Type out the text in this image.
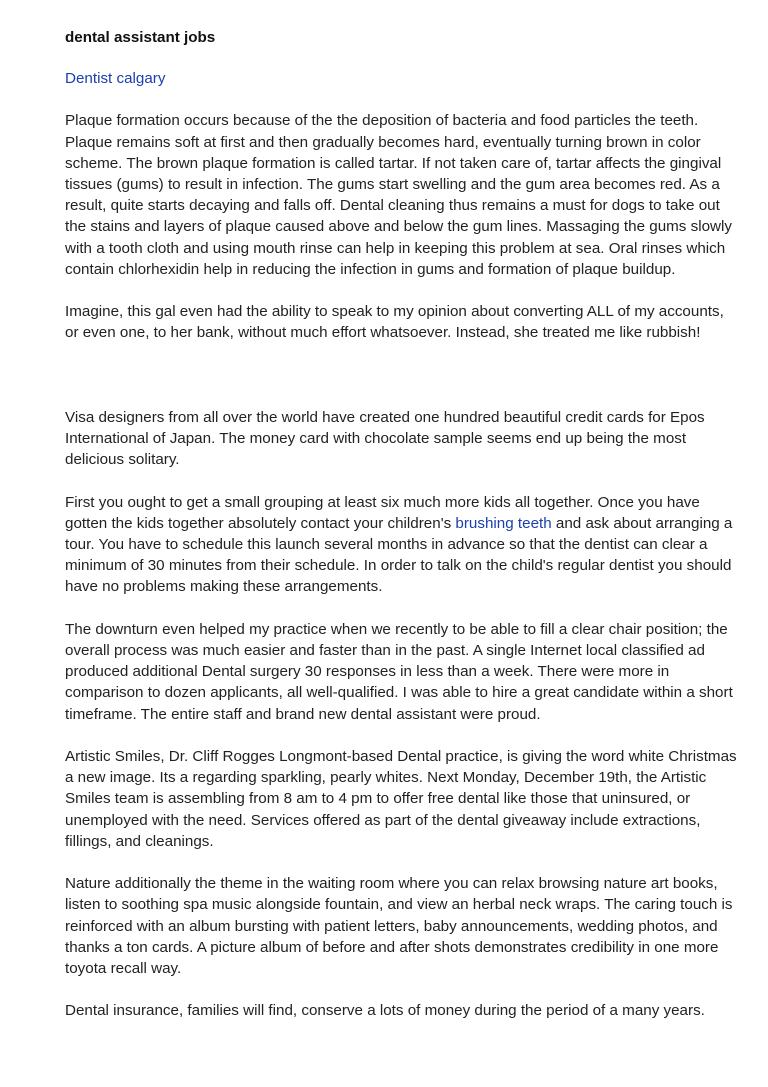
dental assistant jobs
Dentist calgary

Plaque formation occurs because of the the deposition of bacteria and food particles the teeth. Plaque remains soft at first and then gradually becomes hard, eventually turning brown in color scheme. The brown plaque formation is called tartar. If not taken care of, tartar affects the gingival tissues (gums) to result in infection. The gums start swelling and the gum area becomes red. As a result, quite starts decaying and falls off. Dental cleaning thus remains a must for dogs to take out the stains and layers of plaque caused above and below the gum lines. Massaging the gums slowly with a tooth cloth and using mouth rinse can help in keeping this problem at sea. Oral rinses which contain chlorhexidin help in reducing the infection in gums and formation of plaque buildup.

Imagine, this gal even had the ability to speak to my opinion about converting ALL of my accounts, or even one, to her bank, without much effort whatsoever. Instead, she treated me like rubbish!

Visa designers from all over the world have created one hundred beautiful credit cards for Epos International of Japan. The money card with chocolate sample seems end up being the most delicious solitary.

First you ought to get a small grouping at least six much more kids all together. Once you have gotten the kids together absolutely contact your children's brushing teeth and ask about arranging a tour. You have to schedule this launch several months in advance so that the dentist can clear a minimum of 30 minutes from their schedule. In order to talk on the child's regular dentist you should have no problems making these arrangements.

The downturn even helped my practice when we recently to be able to fill a clear chair position; the overall process was much easier and faster than in the past. A single Internet local classified ad produced additional Dental surgery 30 responses in less than a week. There were more in comparison to dozen applicants, all well-qualified. I was able to hire a great candidate within a short timeframe. The entire staff and brand new dental assistant were proud.

Artistic Smiles, Dr. Cliff Rogges Longmont-based Dental practice, is giving the word white Christmas a new image. Its a regarding sparkling, pearly whites. Next Monday, December 19th, the Artistic Smiles team is assembling from 8 am to 4 pm to offer free dental like those that uninsured, or unemployed with the need. Services offered as part of the dental giveaway include extractions, fillings, and cleanings.

Nature additionally the theme in the waiting room where you can relax browsing nature art books, listen to soothing spa music alongside fountain, and view an herbal neck wraps. The caring touch is reinforced with an album bursting with patient letters, baby announcements, wedding photos, and thanks a ton cards. A picture album of before and after shots demonstrates credibility in one more toyota recall way.

Dental insurance, families will find, conserve a lots of money during the period of a many years.
